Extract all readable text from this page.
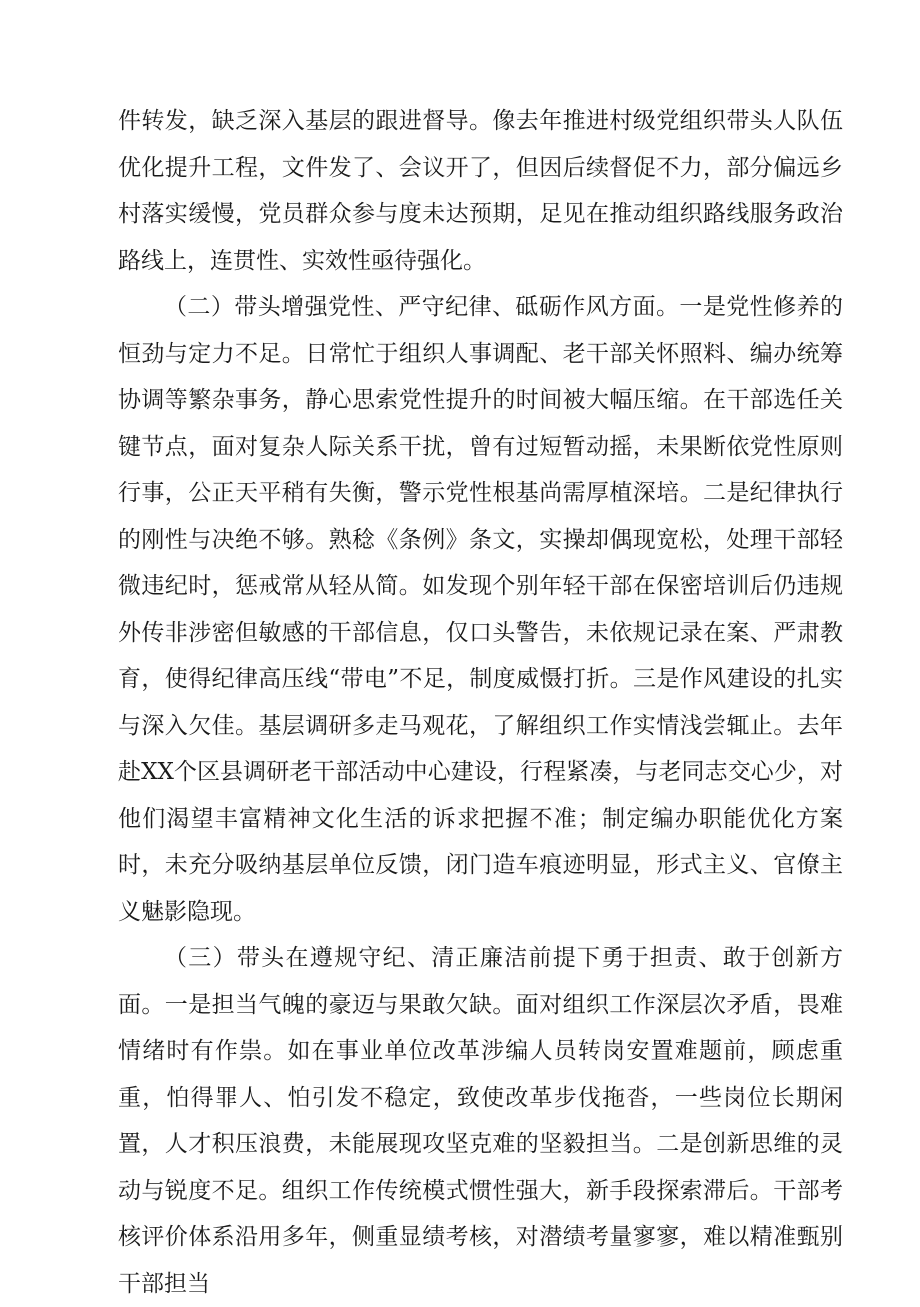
件转发，缺乏深入基层的跟进督导。像去年推进村级党组织带头人队伍优化提升工程，文件发了、会议开了，但因后续督促不力，部分偏远乡村落实缓慢，党员群众参与度未达预期，足见在推动组织路线服务政治路线上，连贯性、实效性亟待强化。

（二）带头增强党性、严守纪律、砥砺作风方面。一是党性修养的恒劲与定力不足。日常忙于组织人事调配、老干部关怀照料、编办统筹协调等繁杂事务，静心思索党性提升的时间被大幅压缩。在干部选任关键节点，面对复杂人际关系干扰，曾有过短暂动摇，未果断依党性原则行事，公正天平稍有失衡，警示党性根基尚需厚植深培。二是纪律执行的刚性与决绝不够。熟稔《条例》条文，实操却偶现宽松，处理干部轻微违纪时，惩戒常从轻从简。如发现个别年轻干部在保密培训后仍违规外传非涉密但敏感的干部信息，仅口头警告，未依规记录在案、严肃教育，使得纪律高压线“带电”不足，制度威慑打折。三是作风建设的扎实与深入欠佳。基层调研多走马观花，了解组织工作实情浅尝辄止。去年赴XX个区县调研老干部活动中心建设，行程紧凑，与老同志交心少，对他们渴望丰富精神文化生活的诉求把握不准；制定编办职能优化方案时，未充分吸纳基层单位反馈，闭门造车痕迹明显，形式主义、官僚主义魅影隐现。

（三）带头在遵规守纪、清正廉洁前提下勇于担责、敢于创新方面。一是担当气魄的豪迈与果敢欠缺。面对组织工作深层次矛盾，畏难情绪时有作祟。如在事业单位改革涉编人员转岗安置难题前，顾虑重重，怕得罪人、怕引发不稳定，致使改革步伐拖沓，一些岗位长期闲置，人才积压浪费，未能展现攻坚克难的坚毅担当。二是创新思维的灵动与锐度不足。组织工作传统模式惯性强大，新手段探索滞后。干部考核评价体系沿用多年，侧重显绩考核，对潜绩考量寥寥，难以精准甄别干部担当
